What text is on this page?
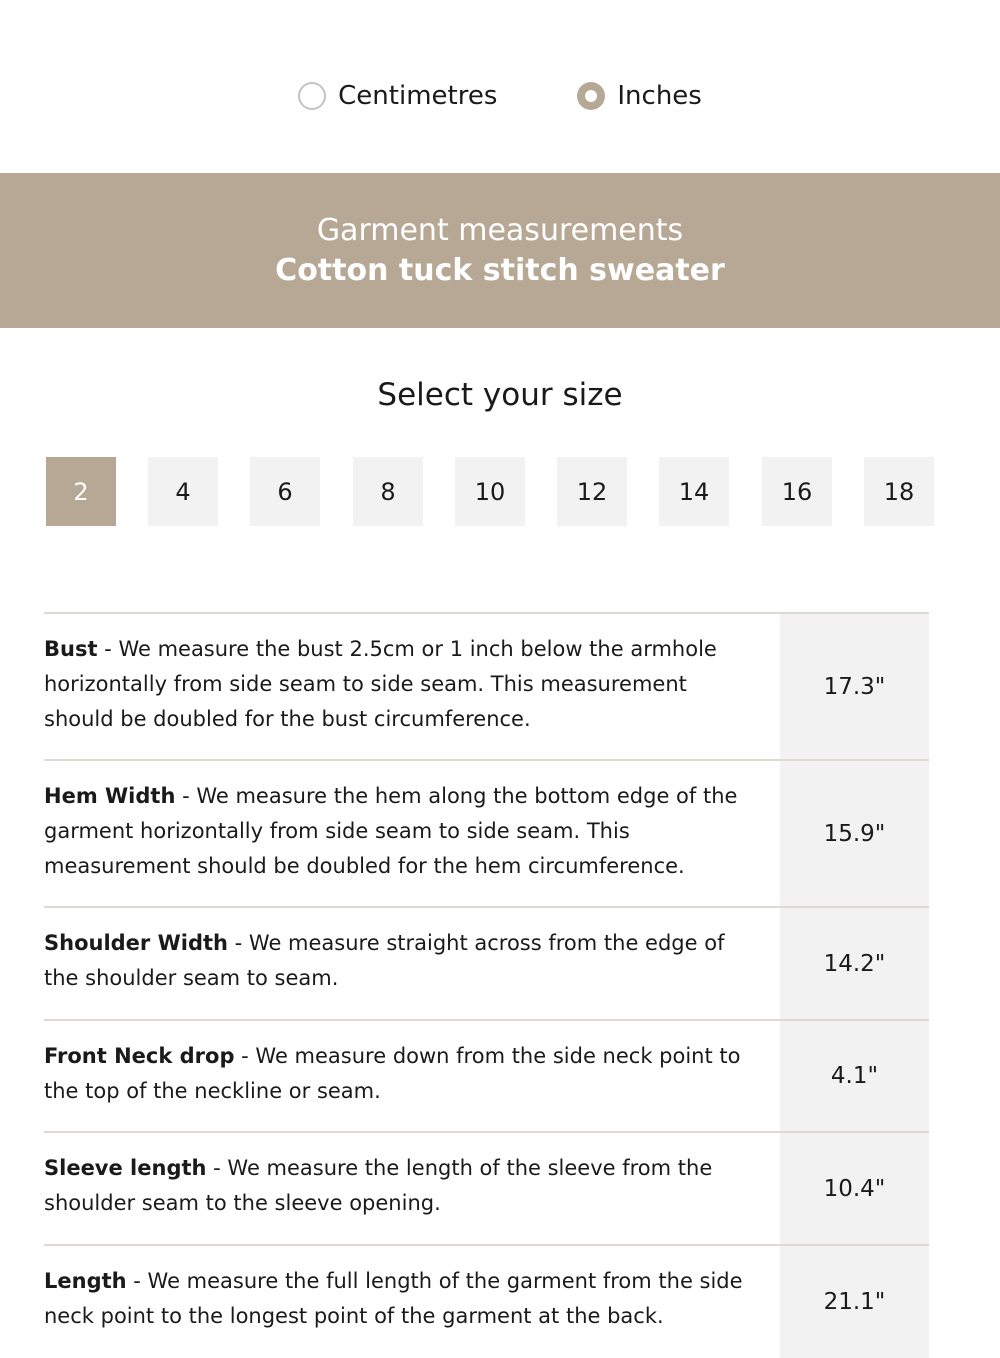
Centimetres	Inches
Garment measurements
Cotton tuck stitch sweater
Select your size
2	4	6	8	10	12	14	16	18
Bust - We measure the bust 2.5cm or 1 inch below the armhole horizontally from side seam to side seam. This measurement should be doubled for the bust circumference.
17.3"
Hem Width - We measure the hem along the bottom edge of the garment horizontally from side seam to side seam. This measurement should be doubled for the hem circumference.
15.9"
Shoulder Width - We measure straight across from the edge of the shoulder seam to seam.
14.2"
Front Neck drop - We measure down from the side neck point to the top of the neckline or seam.
4.1"
Sleeve length - We measure the length of the sleeve from the shoulder seam to the sleeve opening.
10.4"
Length - We measure the full length of the garment from the side neck point to the longest point of the garment at the back.
21.1"
